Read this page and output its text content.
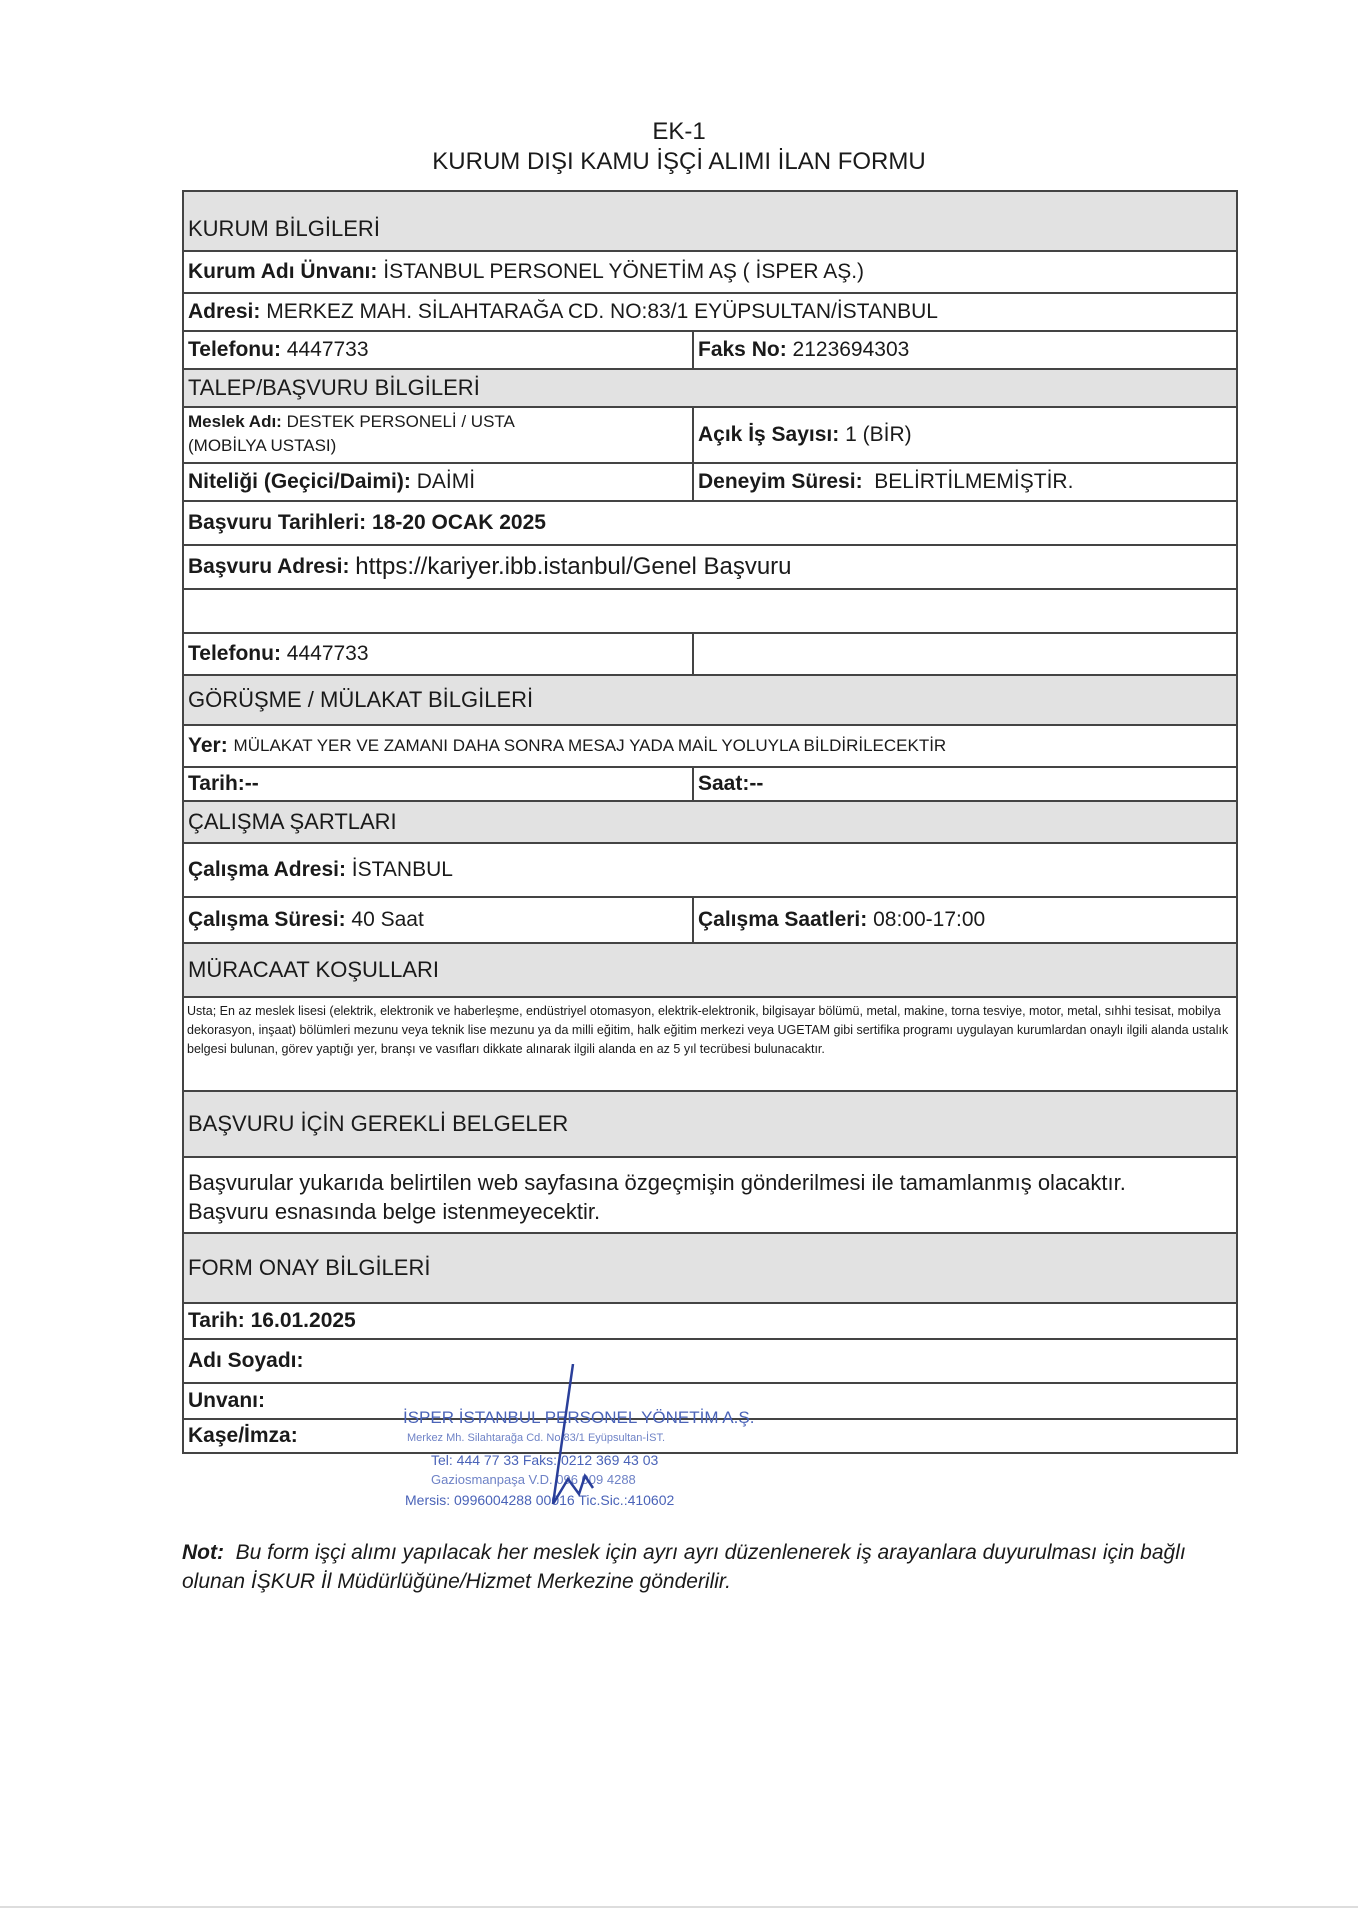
EK-1
KURUM DIŞI KAMU İŞÇİ ALIMI İLAN FORMU
KURUM BİLGİLERİ
Kurum Adı Ünvanı:
İSTANBUL PERSONEL YÖNETİM AŞ ( İSPER AŞ.)
Adresi:
MERKEZ MAH. SİLAHTARAĞA CD. NO:83/1 EYÜPSULTAN/İSTANBUL
Telefonu:
4447733	Faks No:
2123694303
TALEP/BAŞVURU BİLGİLERİ
Meslek Adı: DESTEK PERSONELİ / USTA
(MOBİLYA USTASI)	Açık İş Sayısı:
1 (BİR)
Niteliği (Geçici/Daimi):
DAİMİ	Deneyim Süresi:
BELİRTİLMEMİŞTİR.
Başvuru Tarihleri:
18-20 OCAK 2025
Başvuru Adresi:
https://kariyer.ibb.istanbul/Genel Başvuru
Telefonu:
4447733
GÖRÜŞME / MÜLAKAT BİLGİLERİ
Yer:
MÜLAKAT YER VE ZAMANI DAHA SONRA MESAJ YADA MAİL YOLUYLA BİLDİRİLECEKTİR
Tarih:--	Saat:--
ÇALIŞMA ŞARTLARI
Çalışma Adresi:
İSTANBUL
Çalışma Süresi:
40 Saat	Çalışma Saatleri:
08:00-17:00
MÜRACAAT KOŞULLARI
Usta; En az meslek lisesi (elektrik, elektronik ve haberleşme, endüstriyel otomasyon, elektrik-elektronik, bilgisayar bölümü, metal, makine, torna tesviye, motor, metal, sıhhi tesisat, mobilya dekorasyon, inşaat) bölümleri mezunu veya teknik lise mezunu ya da milli eğitim, halk eğitim merkezi veya UGETAM gibi sertifika programı uygulayan kurumlardan onaylı ilgili alanda ustalık belgesi bulunan, görev yaptığı yer, branşı ve vasıfları dikkate alınarak ilgili alanda en az 5 yıl tecrübesi bulunacaktır.
BAŞVURU İÇİN GEREKLİ BELGELER
Başvurular yukarıda belirtilen web sayfasına özgeçmişin gönderilmesi ile tamamlanmış olacaktır.
Başvuru esnasında belge istenmeyecektir.
FORM ONAY BİLGİLERİ
Tarih:
16.01.2025
Adı Soyadı:
Unvanı:
Kaşe/İmza:
İSPER İSTANBUL PERSONEL YÖNETİM A.Ş.
Merkez Mh. Silahtarağa Cd. No:83/1 Eyüpsultan-İST.
Tel: 444 77 33 Faks: 0212 369 43 03
Gaziosmanpaşa V.D. 096 009 4288
Mersis: 0996004288 00016 Tic.Sic.:410602
Not: Bu form işçi alımı yapılacak her meslek için ayrı ayrı düzenlenerek iş arayanlara duyurulması için bağlı olunan İŞKUR İl Müdürlüğüne/Hizmet Merkezine gönderilir.
